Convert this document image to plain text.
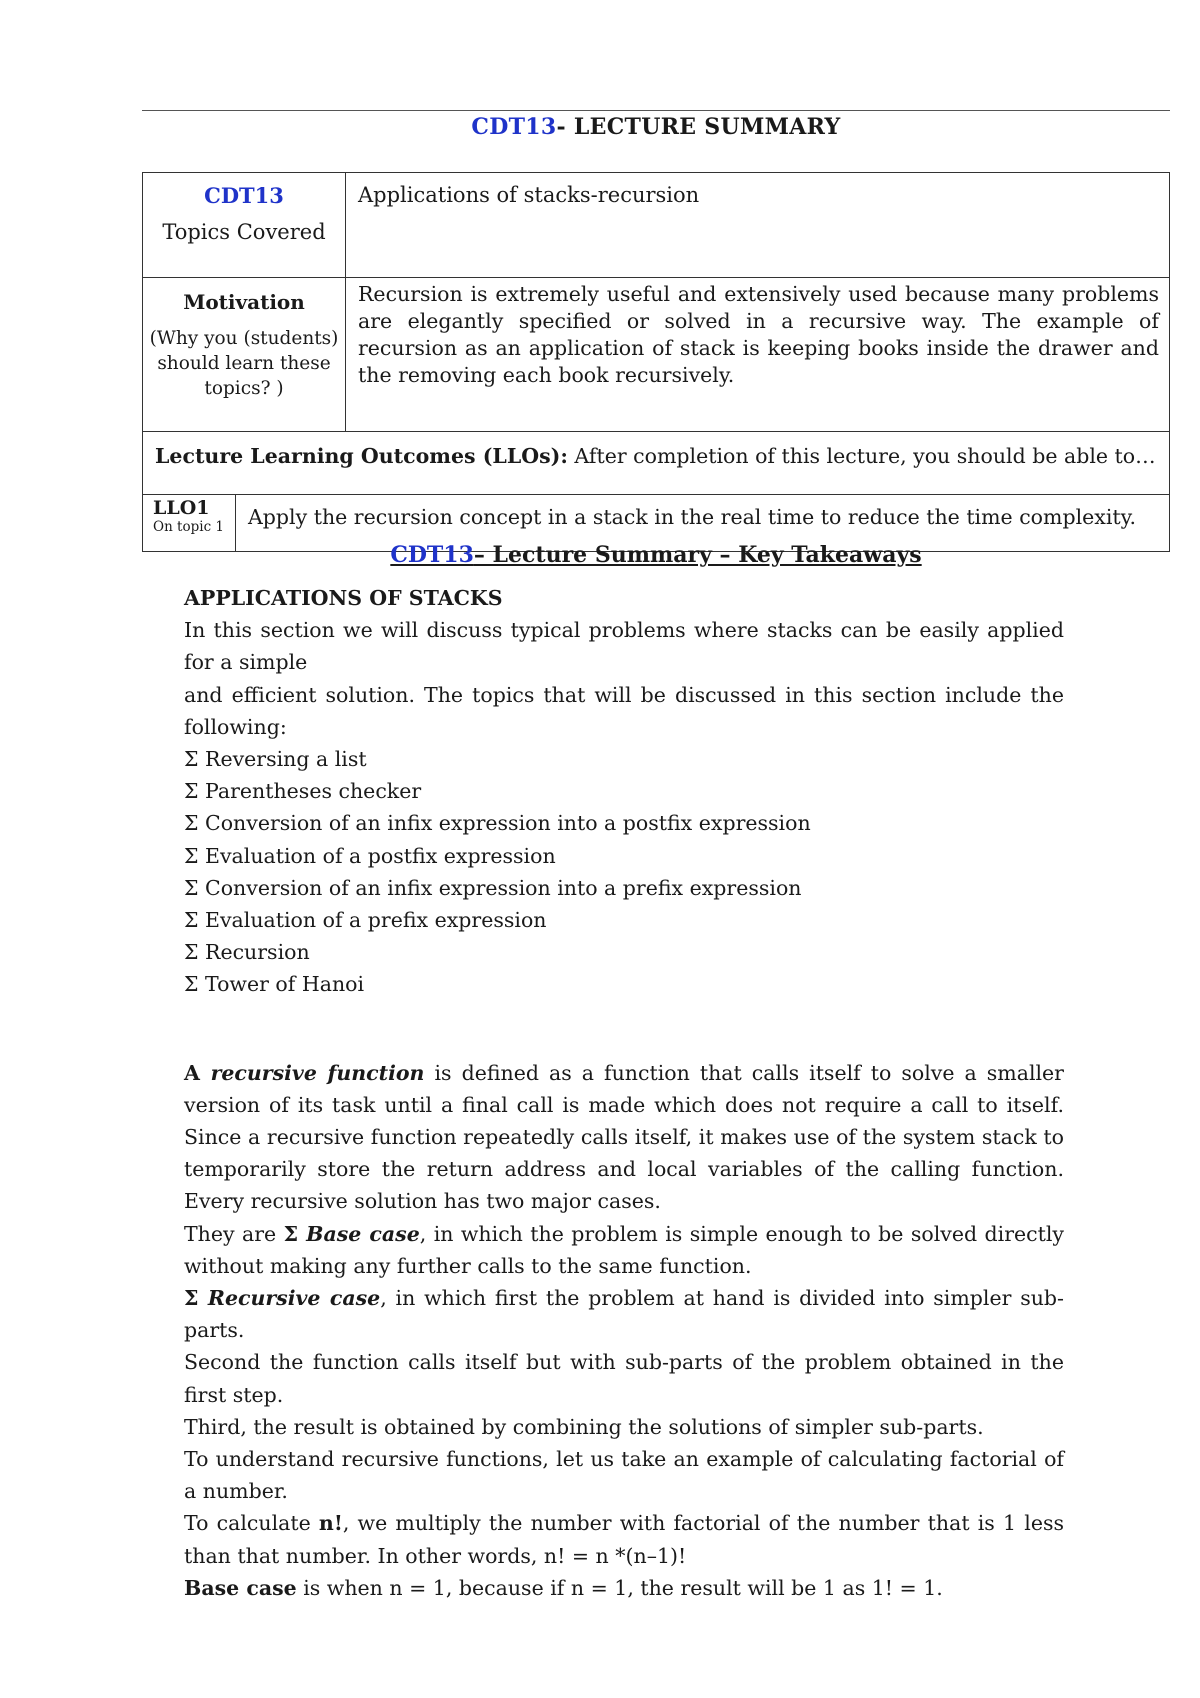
CDT13- LECTURE SUMMARY
CDT13
Topics Covered
	Applications of stacks-recursion

Motivation
(Why you (students) should learn these topics? )
	Recursion is extremely useful and extensively used because many problems are elegantly specified or solved in a recursive way. The example of recursion as an application of stack is keeping books inside the drawer and the removing each book recursively.
Lecture Learning Outcomes (LLOs): After completion of this lecture, you should be able to…

LLO1
On topic 1	Apply the recursion concept in a stack in the real time to reduce the time complexity.
CDT13– Lecture Summary – Key Takeaways

APPLICATIONS OF STACKS

In this section we will discuss typical problems where stacks can be easily applied for a simple

and efficient solution. The topics that will be discussed in this section include the following:

Σ Reversing a list

Σ Parentheses checker

Σ Conversion of an infix expression into a postfix expression

Σ Evaluation of a postfix expression

Σ Conversion of an infix expression into a prefix expression

Σ Evaluation of a prefix expression

Σ Recursion

Σ Tower of Hanoi

A recursive function is defined as a function that calls itself to solve a smaller version of its task until a final call is made which does not require a call to itself. Since a recursive function repeatedly calls itself, it makes use of the system stack to temporarily store the return address and local variables of the calling function. Every recursive solution has two major cases.

They are Σ Base case, in which the problem is simple enough to be solved directly without making any further calls to the same function.

Σ Recursive case, in which first the problem at hand is divided into simpler sub-parts.

Second the function calls itself but with sub-parts of the problem obtained in the first step.

Third, the result is obtained by combining the solutions of simpler sub-parts.

To understand recursive functions, let us take an example of calculating factorial of a number.

To calculate n!, we multiply the number with factorial of the number that is 1 less than that number. In other words, n! = n *(n–1)!

Base case is when n = 1, because if n = 1, the result will be 1 as 1! = 1.
